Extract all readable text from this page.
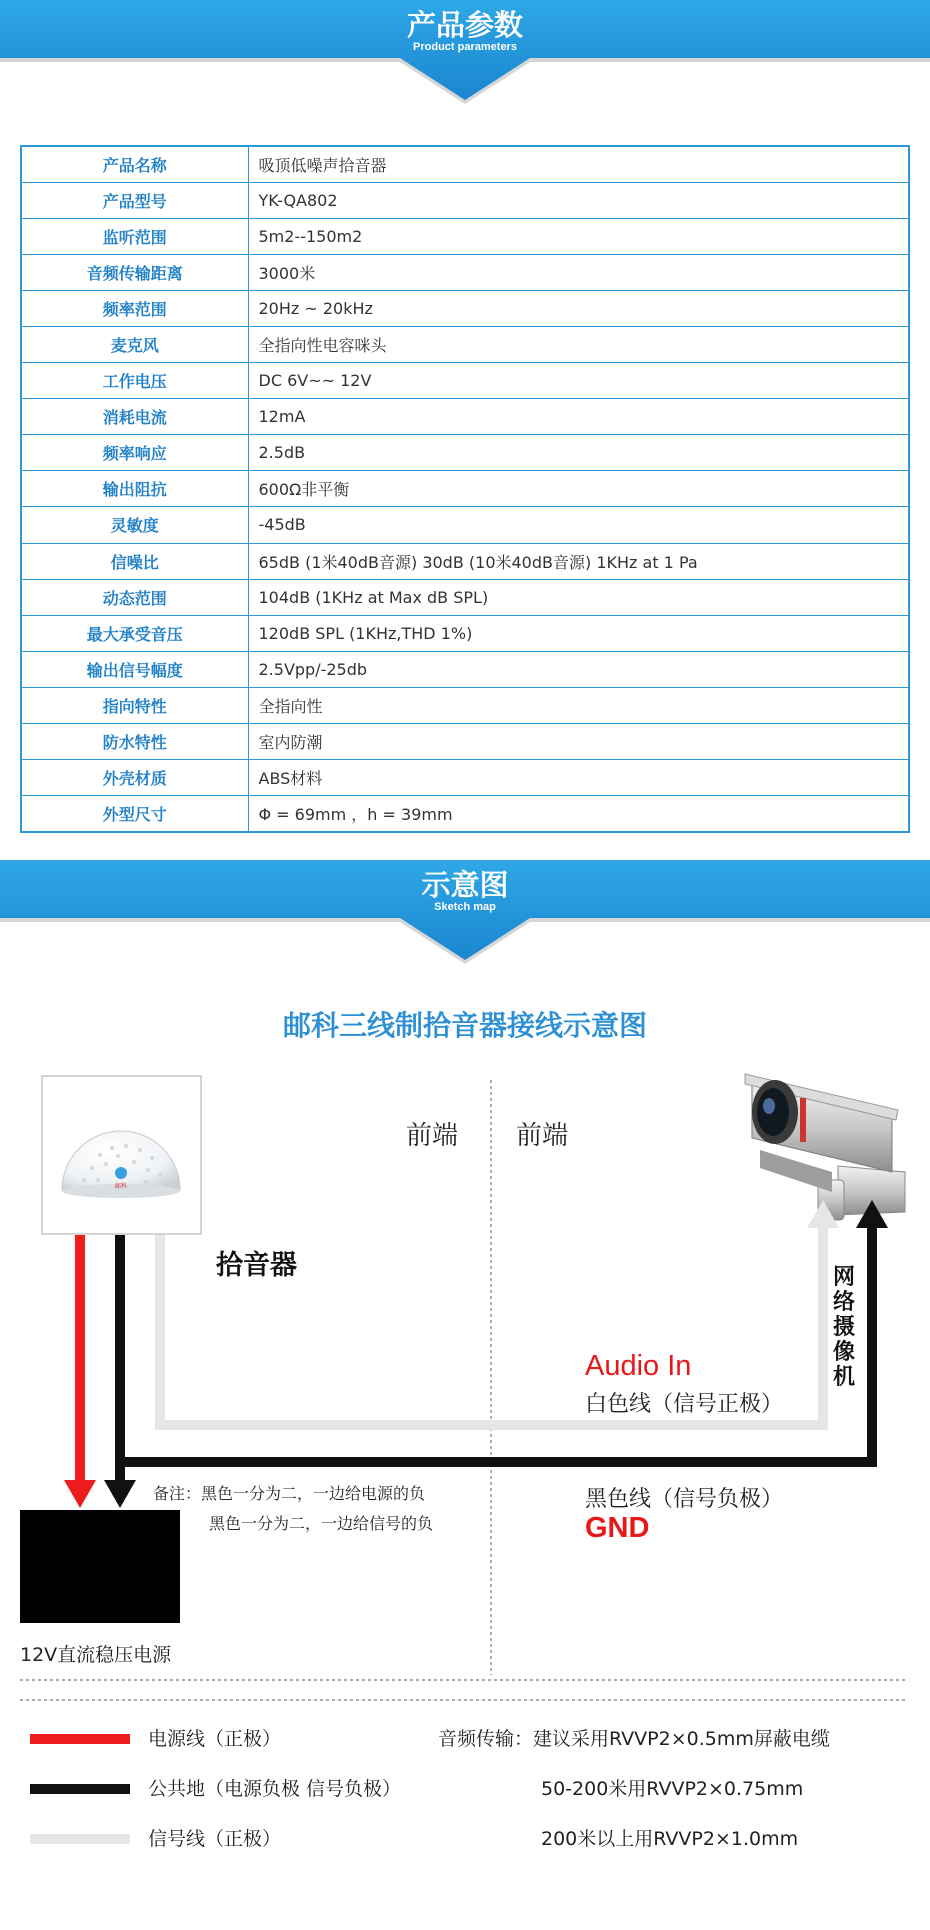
产品参数
Product parameters
产品名称	吸顶低噪声拾音器
产品型号	YK-QA802
监听范围	5m2--150m2
音频传输距离	3000米
频率范围	20Hz ~ 20kHz
麦克风	全指向性电容咪头
工作电压	DC 6V~~ 12V
消耗电流	12mA
频率响应	2.5dB
输出阻抗	600Ω非平衡
灵敏度	-45dB
信噪比	65dB (1米40dB音源) 30dB (10米40dB音源) 1KHz at 1 Pa
动态范围	104dB (1KHz at Max dB SPL)
最大承受音压	120dB SPL (1KHz,THD 1%)
输出信号幅度	2.5Vpp/-25db
指向特性	全指向性
防水特性	室内防潮
外壳材质	ABS材料
外型尺寸	Φ = 69mm ，h = 39mm
示意图
Sketch map
邮科三线制拾音器接线示意图
邮科
前端 前端
拾音器	网络摄像机
Audio In
白色线（信号正极）
黑色线（信号负极）
GND
备注：黑色一分为二，一边给电源的负
黑色一分为二，一边给信号的负
12V直流稳压电源
电源线（正极）
公共地（电源负极 信号负极）
信号线（正极）
音频传输：建议采用RVVP2×0.5mm屏蔽电缆
50-200米用RVVP2×0.75mm
200米以上用RVVP2×1.0mm
